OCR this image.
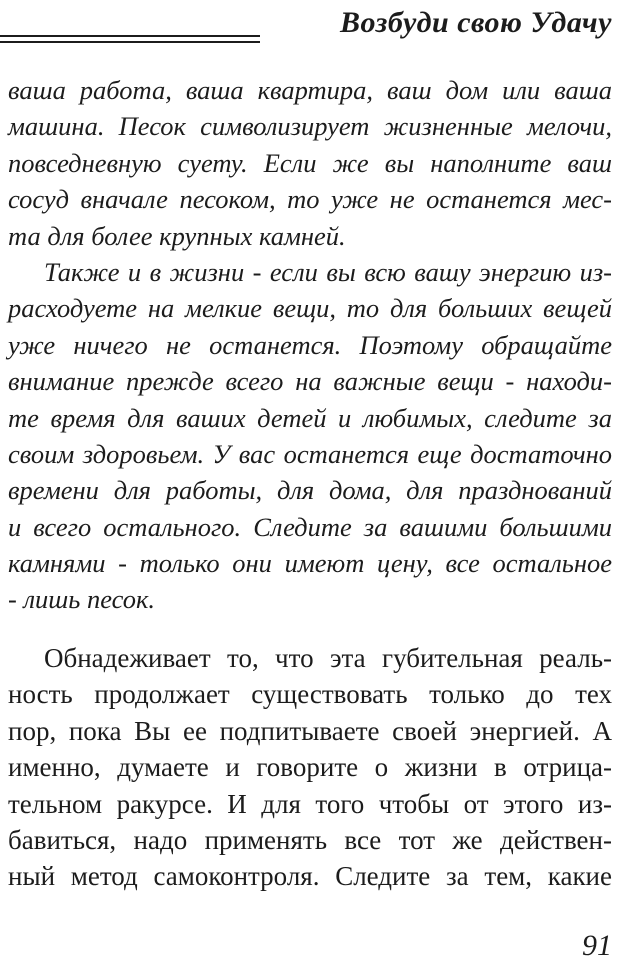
Возбуди свою Удачу
ваша работа, ваша квартира, ваш дом или ваша
машина. Песок символизирует жизненные мелочи,
повседневную суету. Если же вы наполните ваш
сосуд вначале песоком, то уже не останется мес-
та для более крупных камней.
Также и в жизни - если вы всю вашу энергию из-
расходуете на мелкие вещи, то для больших вещей
уже ничего не останется. Поэтому обращайте
внимание прежде всего на важные вещи - находи-
те время для ваших детей и любимых, следите за
своим здоровьем. У вас останется еще достаточно
времени для работы, для дома, для празднований
и всего остального. Следите за вашими большими
камнями - только они имеют цену, все остальное
- лишь песок.
Обнадеживает то, что эта губительная реаль-
ность продолжает существовать только до тех
пор, пока Вы ее подпитываете своей энергией. А
именно, думаете и говорите о жизни в отрица-
тельном ракурсе. И для того чтобы от этого из-
бавиться, надо применять все тот же действен-
ный метод самоконтроля. Следите за тем, какие
91
